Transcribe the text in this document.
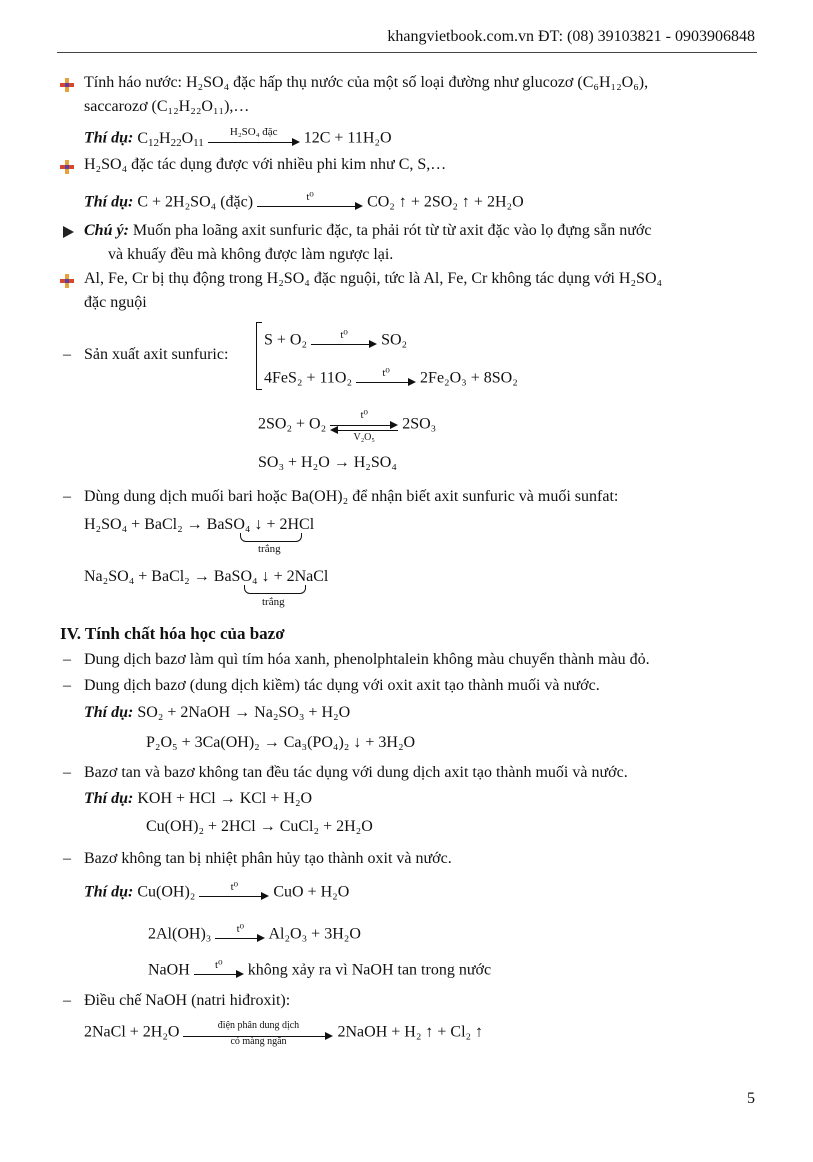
khangvietbook.com.vn ĐT: (08) 39103821 - 0903906848
Tính háo nước: H₂SO₄ đặc hấp thụ nước của một số loại đường như glucozơ (C₆H₁₂O₆),
saccarozơ (C₁₂H₂₂O₁₁),…
Thí dụ: $C_{12}H_{22}O_{11}$
H₂SO₄ đặc	12C + 11H₂O
H₂SO₄ đặc tác dụng được với nhiều phi kim như C, S,…
Thí dụ: C + 2H₂SO₄ (đặc)	t⁰	CO₂ ↑ + 2SO₂ ↑ + 2H₂O
Chú ý: Muốn pha loãng axit sunfuric đặc, ta phải rót từ từ axit đặc vào lọ đựng sẵn nước
và khuấy đều mà không được làm ngược lại.
Al, Fe, Cr bị thụ động trong H₂SO₄ đặc nguội, tức là Al, Fe, Cr không tác dụng với H₂SO₄
đặc nguội
– Sản xuất axit sunfuric:
S + O₂	t⁰	SO₂
4FeS₂ + 11O₂	t⁰	2Fe₂O₃ + 8SO₂
2SO₂ + O₂
t⁰
V₂O₅
2SO₃
SO₃ + H₂O → H₂SO₄
– Dùng dung dịch muối bari hoặc Ba(OH)₂ để nhận biết axit sunfuric và muối sunfat:
H₂SO₄ + BaCl₂ → BaSO₄ ↓ + 2HCl
trắng
Na₂SO₄ + BaCl₂ → BaSO₄ ↓ + 2NaCl
trắng
IV. Tính chất hóa học của bazơ
– Dung dịch bazơ làm quì tím hóa xanh, phenolphtalein không màu chuyển thành màu đỏ.
– Dung dịch bazơ (dung dịch kiềm) tác dụng với oxit axit tạo thành muối và nước.
Thí dụ: SO₂ + 2NaOH → Na₂SO₃ + H₂O
P₂O₅ + 3Ca(OH)₂ → Ca₃(PO₄)₂ ↓ + 3H₂O
– Bazơ tan và bazơ không tan đều tác dụng với dung dịch axit tạo thành muối và nước.
Thí dụ: KOH + HCl → KCl + H₂O
Cu(OH)₂ + 2HCl → CuCl₂ + 2H₂O
– Bazơ không tan bị nhiệt phân hủy tạo thành oxit và nước.
Thí dụ: Cu(OH)₂	t⁰	CuO + H₂O
2Al(OH)₃	t⁰	Al₂O₃ + 3H₂O
NaOH	t⁰	không xảy ra vì NaOH tan trong nước
– Điều chế NaOH (natri hiđroxit):
2NaCl + 2H₂O	điện phân dung dịch
có màng ngăn
2NaOH + H₂ ↑ + Cl₂ ↑
5
